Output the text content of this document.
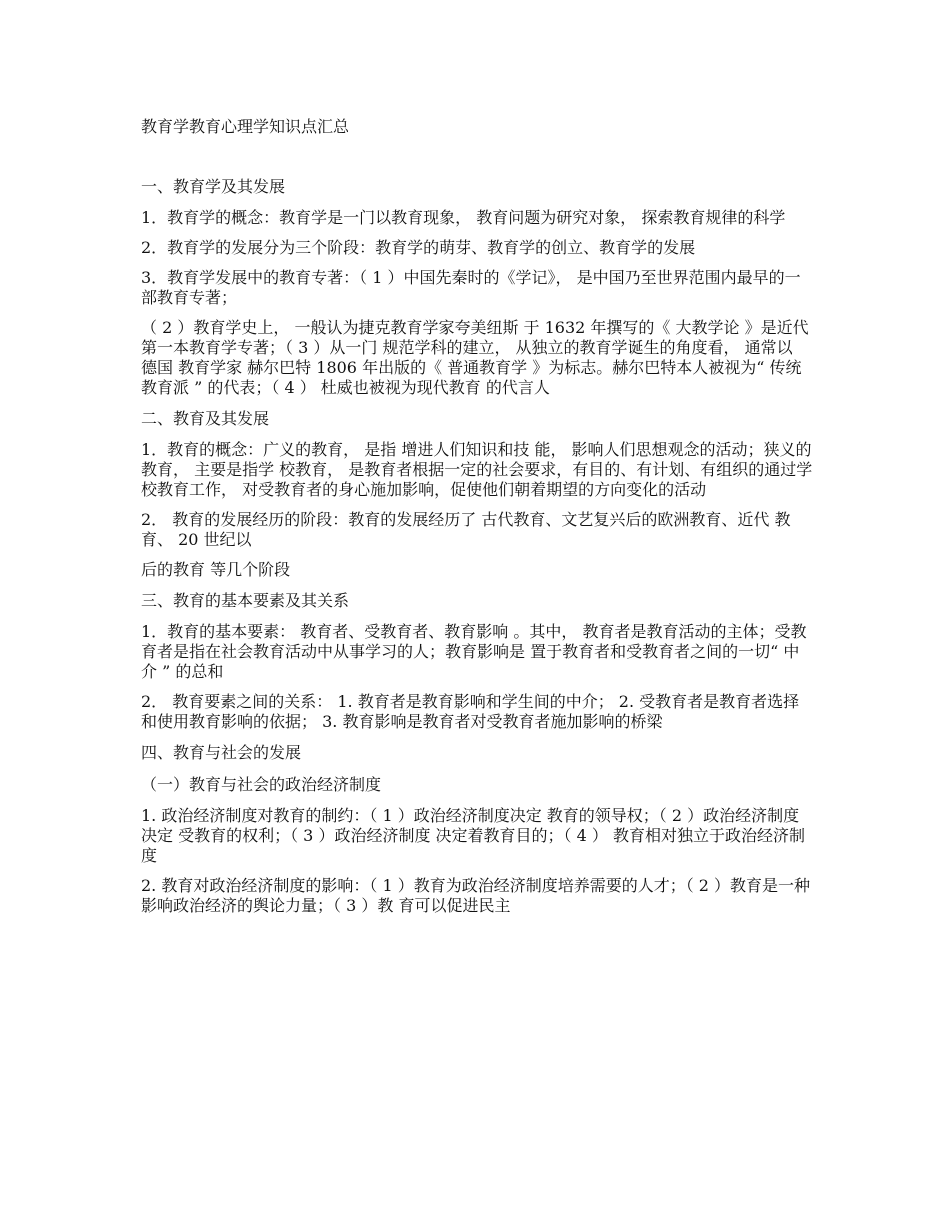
教育学教育心理学知识点汇总
一、教育学及其发展
1．教育学的概念：教育学是一门以教育现象， 教育问题为研究对象， 探索教育规律的科学
2．教育学的发展分为三个阶段：教育学的萌芽、教育学的创立、教育学的发展
3．教育学发展中的教育专著：（ 1 ）中国先秦时的《学记》， 是中国乃至世界范围内最早的一部教育专著；
（ 2 ）教育学史上， 一般认为捷克教育学家夸美纽斯 于 1632 年撰写的《 大教学论 》是近代第一本教育学专著；（ 3 ）从一门 规范学科的建立， 从独立的教育学诞生的角度看， 通常以 德国 教育学家 赫尔巴特 1806 年出版的《 普通教育学 》为标志。赫尔巴特本人被视为“ 传统教育派 ” 的代表；（ 4 ） 杜威也被视为现代教育 的代言人
二、教育及其发展
1．教育的概念：广义的教育， 是指 增进人们知识和技 能， 影响人们思想观念的活动；狭义的教育， 主要是指学 校教育， 是教育者根据一定的社会要求，有目的、有计划、有组织的通过学校教育工作， 对受教育者的身心施加影响，促使他们朝着期望的方向变化的活动
2． 教育的发展经历的阶段：教育的发展经历了 古代教育、文艺复兴后的欧洲教育、近代 教育、 20 世纪以
后的教育 等几个阶段
三、教育的基本要素及其关系
1．教育的基本要素： 教育者、受教育者、教育影响 。其中， 教育者是教育活动的主体；受教育者是指在社会教育活动中从事学习的人；教育影响是 置于教育者和受教育者之间的一切“ 中介 ” 的总和
2． 教育要素之间的关系： 1. 教育者是教育影响和学生间的中介； 2. 受教育者是教育者选择和使用教育影响的依据； 3. 教育影响是教育者对受教育者施加影响的桥梁
四、教育与社会的发展
（一）教育与社会的政治经济制度
1. 政治经济制度对教育的制约：（ 1 ）政治经济制度决定 教育的领导权；（ 2 ）政治经济制度决定 受教育的权利；（ 3 ）政治经济制度 决定着教育目的；（ 4 ） 教育相对独立于政治经济制度
2. 教育对政治经济制度的影响：（ 1 ）教育为政治经济制度培养需要的人才；（ 2 ）教育是一种影响政治经济的舆论力量；（ 3 ）教 育可以促进民主
